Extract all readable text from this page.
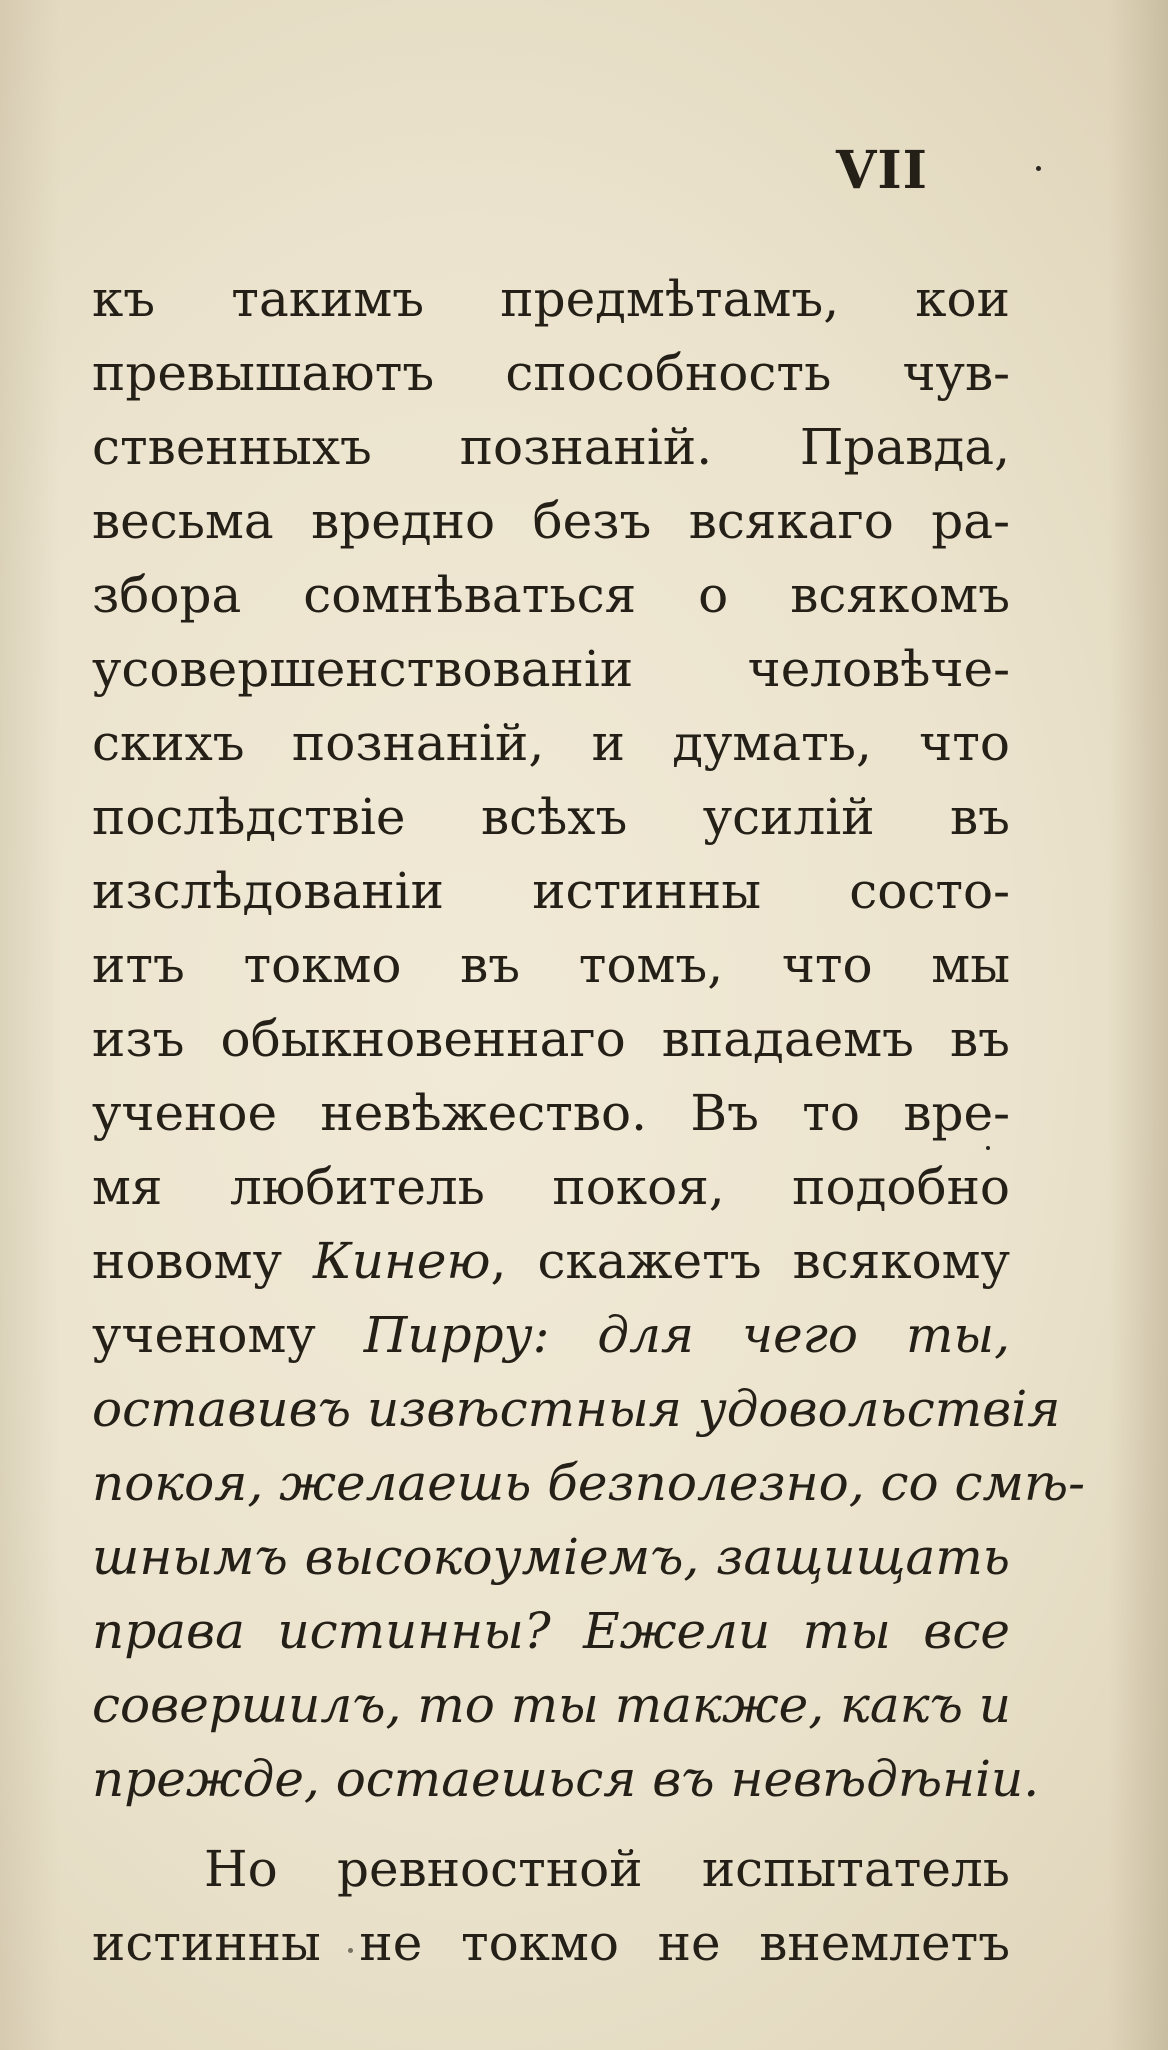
VII
къ такимъ предмѣтамъ, кои
превышаютъ способность чув-
ственныхъ познаній. Правда,
весьма вредно безъ всякаго ра-
збора сомнѣваться о всякомъ
усовершенствованіи человѣче-
скихъ познаній, и думать, что
послѣдствіе всѣхъ усилій въ
изслѣдованіи истинны состо-
итъ токмо въ томъ, что мы
изъ обыкновеннаго впадаемъ въ
ученое невѣжество. Въ то вре-
мя любитель покоя, подобно
новому Кинею, скажетъ всякому
ученому Пирру: для чего ты,
оставивъ извѣстныя удовольствія
покоя, желаешь безполезно, со смѣ-
шнымъ высокоуміемъ, защищать
права истинны? Ежели ты все
совершилъ, то ты также, какъ и
прежде, остаешься въ невѣдѣніи.
Но ревностной испытатель
истинны не токмо не внемлетъ
